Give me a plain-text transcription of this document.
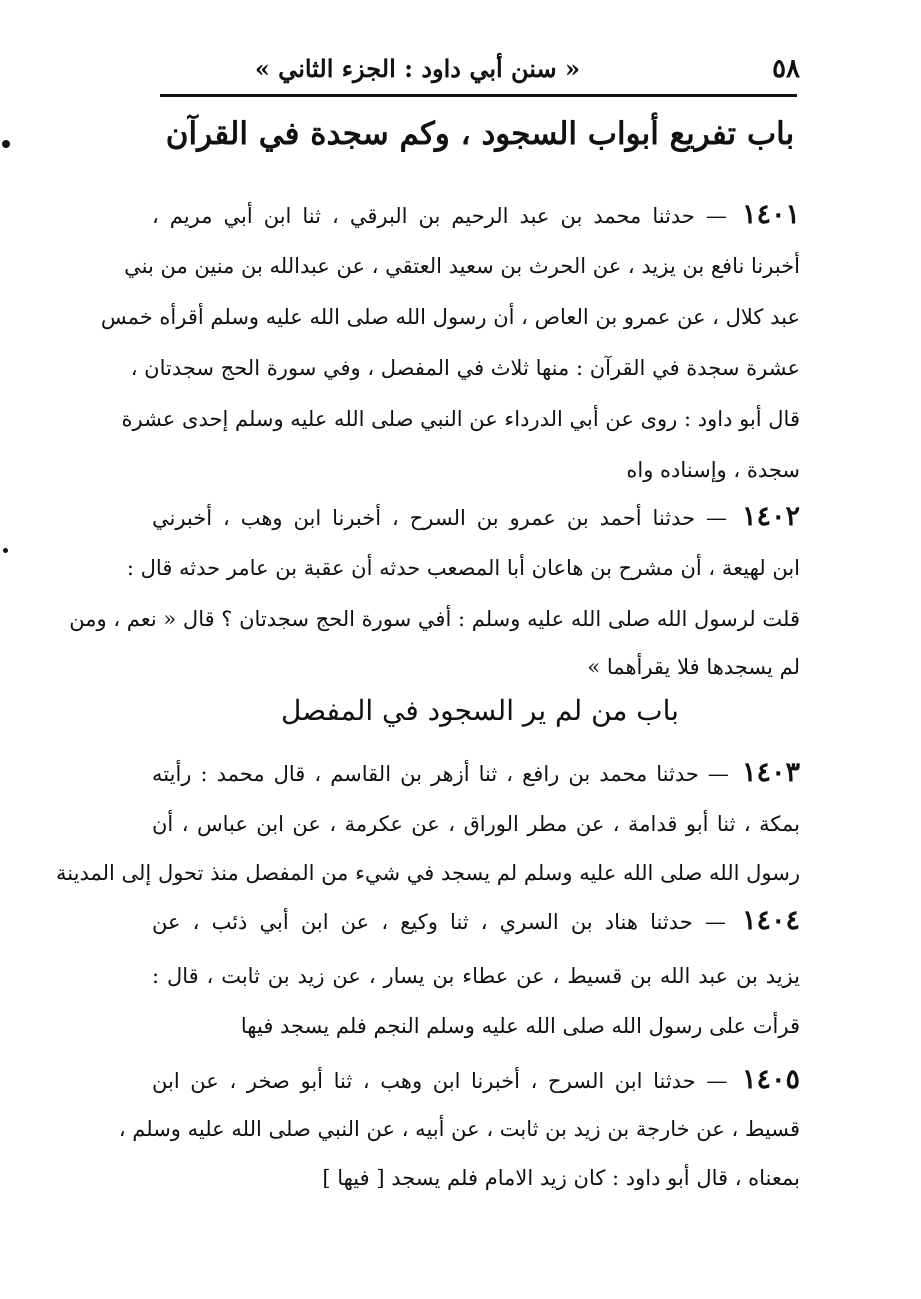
٥٨
« سنن أبي داود : الجزء الثاني »
باب تفريع أبواب السجود ، وكم سجدة في القرآن
١٤٠١ — حدثنا محمد بن عبد الرحيم بن البرقي ، ثنا ابن أبي مريم ،
أخبرنا نافع بن يزيد ، عن الحرث بن سعيد العتقي ، عن عبدالله بن منين من بني
عبد كلال ، عن عمرو بن العاص ، أن رسول الله صلى الله عليه وسلم أقرأه خمس
عشرة سجدة في القرآن : منها ثلاث في المفصل ، وفي سورة الحج سجدتان ،
قال أبو داود : روى عن أبي الدرداء عن النبي صلى الله عليه وسلم إحدى عشرة
سجدة ، وإسناده واه
١٤٠٢ — حدثنا أحمد بن عمرو بن السرح ، أخبرنا ابن وهب ، أخبرني
ابن لهيعة ، أن مشرح بن هاعان أبا المصعب حدثه أن عقبة بن عامر حدثه قال :
قلت لرسول الله صلى الله عليه وسلم : أفي سورة الحج سجدتان ؟ قال « نعم ، ومن
لم يسجدها فلا يقرأهما »
باب من لم ير السجود في المفصل
١٤٠٣ — حدثنا محمد بن رافع ، ثنا أزهر بن القاسم ، قال محمد : رأيته
بمكة ، ثنا أبو قدامة ، عن مطر الوراق ، عن عكرمة ، عن ابن عباس ، أن
رسول الله صلى الله عليه وسلم لم يسجد في شيء من المفصل منذ تحول إلى المدينة
١٤٠٤ — حدثنا هناد بن السري ، ثنا وكيع ، عن ابن أبي ذئب ، عن
يزيد بن عبد الله بن قسيط ، عن عطاء بن يسار ، عن زيد بن ثابت ، قال :
قرأت على رسول الله صلى الله عليه وسلم النجم فلم يسجد فيها
١٤٠٥ — حدثنا ابن السرح ، أخبرنا ابن وهب ، ثنا أبو صخر ، عن ابن
قسيط ، عن خارجة بن زيد بن ثابت ، عن أبيه ، عن النبي صلى الله عليه وسلم ،
بمعناه ، قال أبو داود : كان زيد الامام فلم يسجد [ فيها ]
